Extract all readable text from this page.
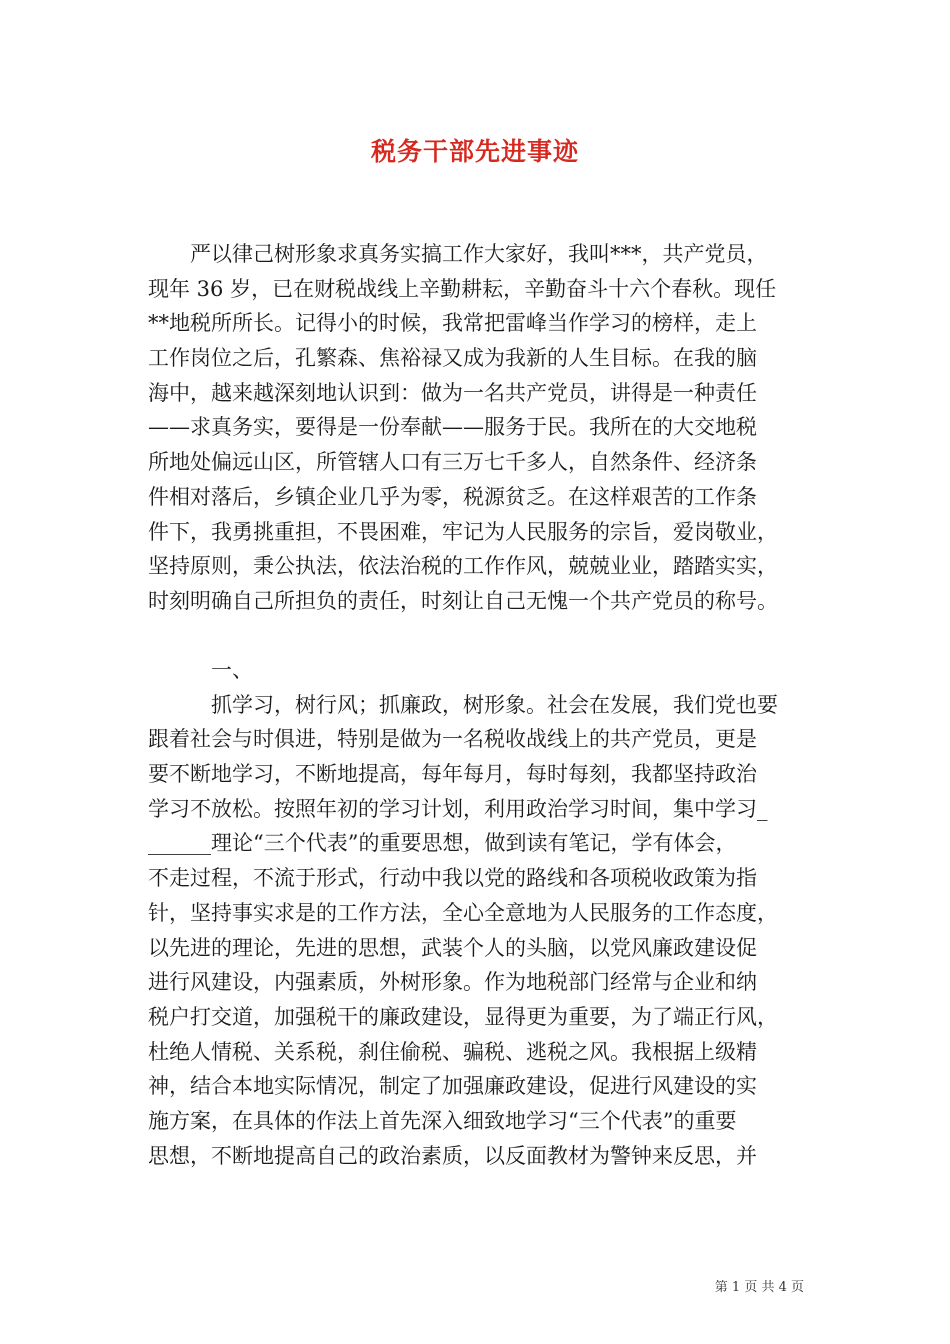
税务干部先进事迹
　　严以律己树形象求真务实搞工作大家好，我叫***，共产党员，
现年 36 岁，已在财税战线上辛勤耕耘，辛勤奋斗十六个春秋。现任
**地税所所长。记得小的时候，我常把雷峰当作学习的榜样，走上
工作岗位之后，孔繁森、焦裕禄又成为我新的人生目标。在我的脑
海中，越来越深刻地认识到：做为一名共产党员，讲得是一种责任
——求真务实，要得是一份奉献——服务于民。我所在的大交地税
所地处偏远山区，所管辖人口有三万七千多人，自然条件、经济条
件相对落后，乡镇企业几乎为零，税源贫乏。在这样艰苦的工作条
件下，我勇挑重担，不畏困难，牢记为人民服务的宗旨，爱岗敬业，
坚持原则，秉公执法，依法治税的工作作风，兢兢业业，踏踏实实，
时刻明确自己所担负的责任，时刻让自己无愧一个共产党员的称号。
　　　一、
　　　抓学习，树行风；抓廉政，树形象。社会在发展，我们党也要
跟着社会与时俱进，特别是做为一名税收战线上的共产党员，更是
要不断地学习，不断地提高，每年每月，每时每刻，我都坚持政治
学习不放松。按照年初的学习计划，利用政治学习时间，集中学习_
______理论“三个代表”的重要思想，做到读有笔记，学有体会，
不走过程，不流于形式，行动中我以党的路线和各项税收政策为指
针，坚持事实求是的工作方法，全心全意地为人民服务的工作态度，
以先进的理论，先进的思想，武装个人的头脑，以党风廉政建设促
进行风建设，内强素质，外树形象。作为地税部门经常与企业和纳
税户打交道，加强税干的廉政建设，显得更为重要，为了端正行风，
杜绝人情税、关系税，刹住偷税、骗税、逃税之风。我根据上级精
神，结合本地实际情况，制定了加强廉政建设，促进行风建设的实
施方案，在具体的作法上首先深入细致地学习“三个代表”的重要
思想，不断地提高自己的政治素质，以反面教材为警钟来反思，并
第 1 页 共 4 页
